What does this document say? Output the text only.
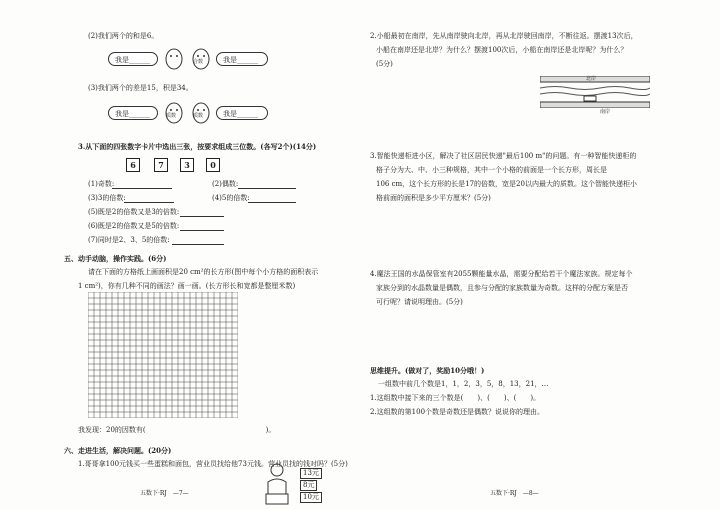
(2)我们两个的和是6。
我是______	合数	我是______
(3)我们两个的差是15，积是34。
我是______	质数	质数	我是______
3.从下面的四张数字卡片中选出三张，按要求组成三位数。(各写2个)(14分)
6	7	3	0
(1)奇数:	(2)偶数:
(3)3的倍数:	(4)5的倍数:
(5)既是2的倍数又是3的倍数:
(6)既是2的倍数又是5的倍数:
(7)同时是2、3、5的倍数:
五、动手动脑，操作实践。(6分)
请在下面的方格纸上画面积是20 cm²的长方形(图中每个小方格的面积表示
1 cm²)，你有几种不同的画法？画一画。(长方形长和宽都是整厘米数)
我发现：20的因数有(	)。
六、走进生活，解决问题。(20分)
1.哥哥拿100元钱买一些蛋糕和面包，营业员找给他73元钱。营业员找的钱对吗？(5分)
13元
8元
10元
五数下·RJ　—7—
2.小船最初在南岸，先从南岸驶向北岸，再从北岸驶回南岸，不断往返。摆渡13次后，
小船在南岸还是北岸？为什么？摆渡100次后，小船在南岸还是北岸呢？为什么？
(5分)
北岸
南岸
3.智能快递柜进小区，解决了社区居民快递"最后100 m"的问题。有一种智能快递柜的
格子分为大、中、小三种规格，其中一个小格的前面是一个长方形，周长是
106 cm，这个长方形的长是17的倍数，宽是20以内最大的质数。这个智能快递柜小
格前面的面积是多少平方厘米？(5分)
4.魔法王国的水晶保管室有2055颗能量水晶，需要分配给若干个魔法家族。规定每个
家族分到的水晶数量是偶数，且参与分配的家族数量为奇数。这样的分配方案是否
可行呢？请说明理由。(5分)
思维提升。(做对了，奖励10分哦！)
一组数中前几个数是1，1，2，3，5，8，13，21，…
1.这组数中接下来的三个数是(　　)、(　　)、(　　)。
2.这组数的第100个数是奇数还是偶数？说说你的理由。
五数下·RJ　—8—
